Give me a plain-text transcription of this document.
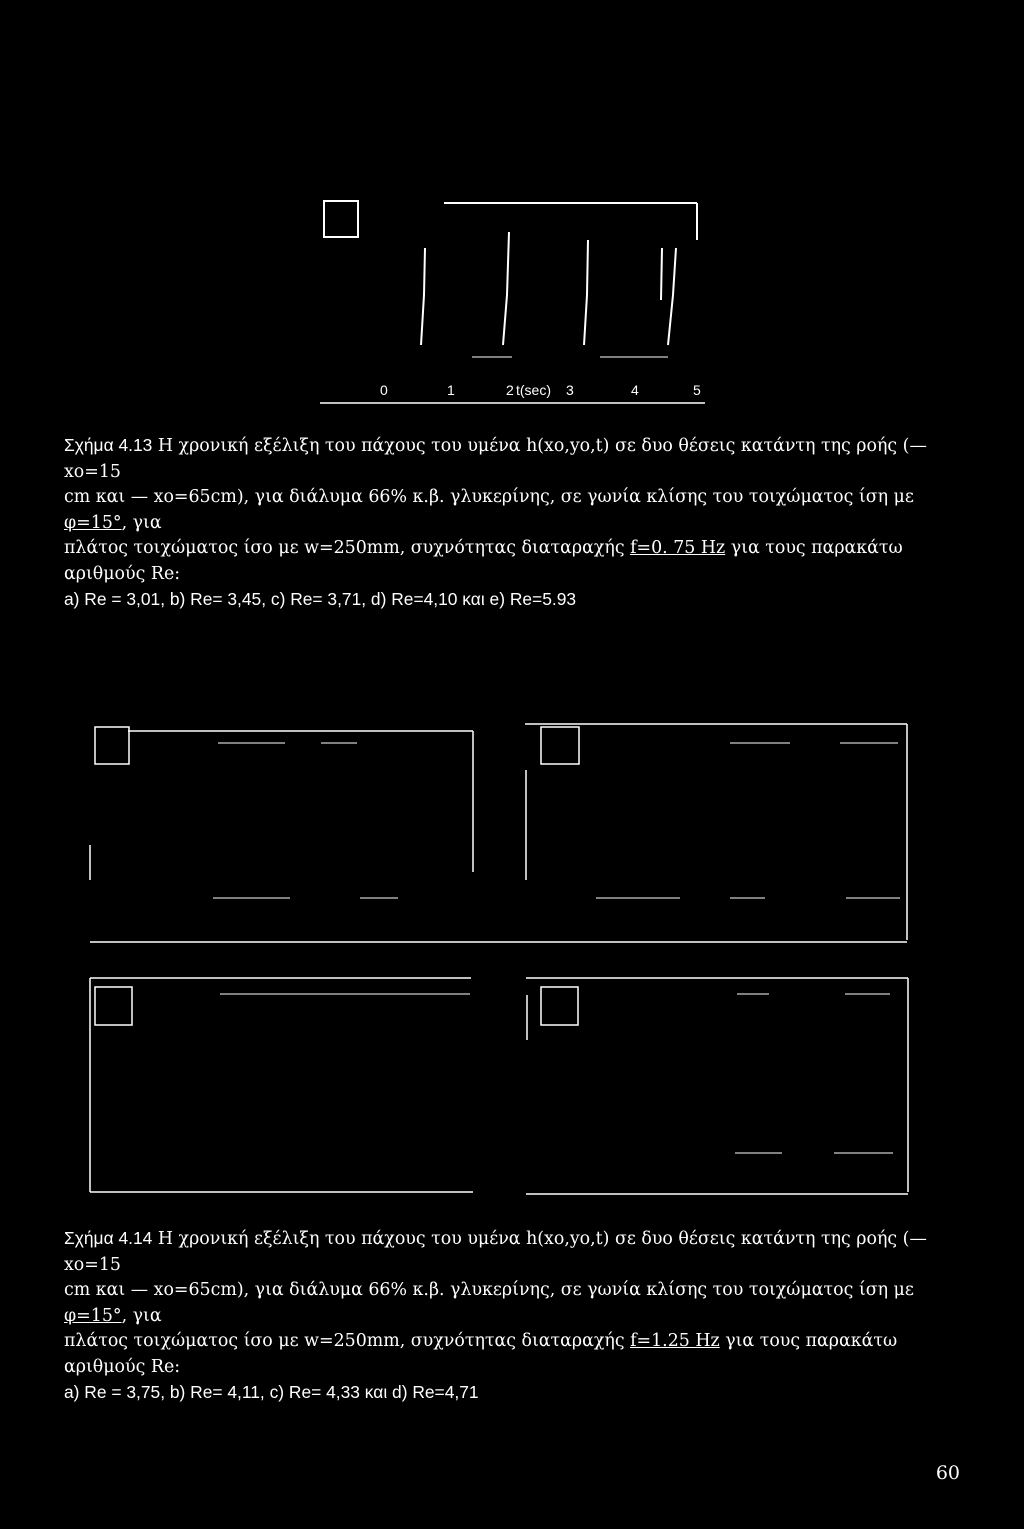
0	1	2 t(sec) 3	4	5
Σχήμα 4.13 Η χρονική εξέλιξη του πάχους του υμένα h(xo,yo,t) σε δυο θέσεις κατάντη της ροής (—xo=15
cm και — xo=65cm), για διάλυμα 66% κ.β. γλυκερίνης, σε γωνία κλίσης του τοιχώματος ίση με φ=15°, για
πλάτος τοιχώματος ίσο με w=250mm, συχνότητας διαταραχής f=0. 75 Hz για τους παρακάτω αριθμούς Re:
a) Re = 3,01, b) Re= 3,45, c) Re= 3,71, d) Re=4,10 και e) Re=5.93
Σχήμα 4.14 Η χρονική εξέλιξη του πάχους του υμένα h(xo,yo,t) σε δυο θέσεις κατάντη της ροής (—xo=15
cm και — xo=65cm), για διάλυμα 66% κ.β. γλυκερίνης, σε γωνία κλίσης του τοιχώματος ίση με φ=15°, για
πλάτος τοιχώματος ίσο με w=250mm, συχνότητας διαταραχής f=1.25 Hz για τους παρακάτω αριθμούς Re:
a) Re = 3,75, b) Re= 4,11, c) Re= 4,33 και d) Re=4,71
60
